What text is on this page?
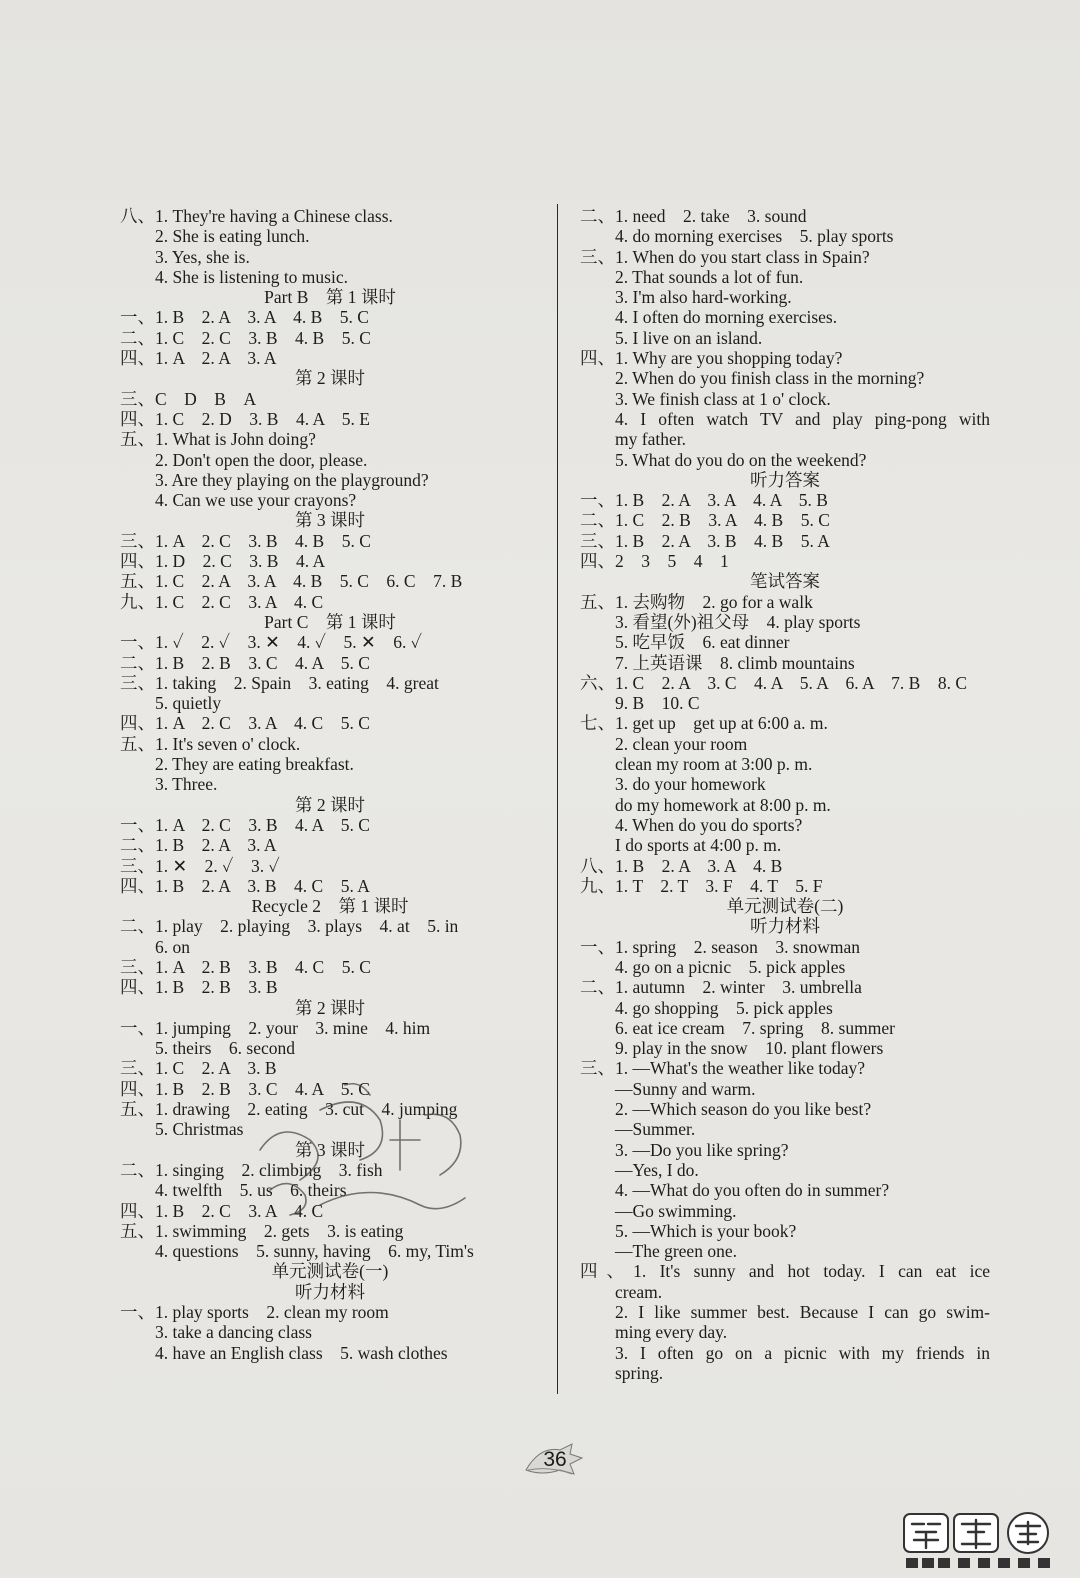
八、1. They're having a Chinese class.
2. She is eating lunch.
3. Yes, she is.
4. She is listening to music.
Part B　第 1 课时
一、1. B　2. A　3. A　4. B　5. C
二、1. C　2. C　3. B　4. B　5. C
四、1. A　2. A　3. A
第 2 课时
三、C　D　B　A
四、1. C　2. D　3. B　4. A　5. E
五、1. What is John doing?
2. Don't open the door, please.
3. Are they playing on the playground?
4. Can we use your crayons?
第 3 课时
三、1. A　2. C　3. B　4. B　5. C
四、1. D　2. C　3. B　4. A
五、1. C　2. A　3. A　4. B　5. C　6. C　7. B
九、1. C　2. C　3. A　4. C
Part C　第 1 课时
一、1. ✓　2. ✓　3. ✕　4. ✓　5. ✕　6. ✓
二、1. B　2. B　3. C　4. A　5. C
三、1. taking　2. Spain　3. eating　4. great
5. quietly
四、1. A　2. C　3. A　4. C　5. C
五、1. It's seven o' clock.
2. They are eating breakfast.
3. Three.
第 2 课时
一、1. A　2. C　3. B　4. A　5. C
二、1. B　2. A　3. A
三、1. ✕　2. ✓　3. ✓
四、1. B　2. A　3. B　4. C　5. A
Recycle 2　第 1 课时
二、1. play　2. playing　3. plays　4. at　5. in
6. on
三、1. A　2. B　3. B　4. C　5. C
四、1. B　2. B　3. B
第 2 课时
一、1. jumping　2. your　3. mine　4. him
5. theirs　6. second
三、1. C　2. A　3. B
四、1. B　2. B　3. C　4. A　5. C
五、1. drawing　2. eating　3. cut　4. jumping
5. Christmas
第 3 课时
二、1. singing　2. climbing　3. fish
4. twelfth　5. us　6. theirs
四、1. B　2. C　3. A　4. C
五、1. swimming　2. gets　3. is eating
4. questions　5. sunny, having　6. my, Tim's
单元测试卷(一)
听力材料
一、1. play sports　2. clean my room
3. take a dancing class
4. have an English class　5. wash clothes
二、1. need　2. take　3. sound
4. do morning exercises　5. play sports
三、1. When do you start class in Spain?
2. That sounds a lot of fun.
3. I'm also hard-working.
4. I often do morning exercises.
5. I live on an island.
四、1. Why are you shopping today?
2. When do you finish class in the morning?
3. We finish class at 1 o' clock.
4. I often watch TV and play ping-pong with
my father.
5. What do you do on the weekend?
听力答案
一、1. B　2. A　3. A　4. A　5. B
二、1. C　2. B　3. A　4. B　5. C
三、1. B　2. A　3. B　4. B　5. A
四、2　3　5　4　1
笔试答案
五、1. 去购物　2. go for a walk
3. 看望(外)祖父母　4. play sports
5. 吃早饭　6. eat dinner
7. 上英语课　8. climb mountains
六、1. C　2. A　3. C　4. A　5. A　6. A　7. B　8. C
9. B　10. C
七、1. get up　get up at 6:00 a. m.
2. clean your room
clean my room at 3:00 p. m.
3. do your homework
do my homework at 8:00 p. m.
4. When do you do sports?
I do sports at 4:00 p. m.
八、1. B　2. A　3. A　4. B
九、1. T　2. T　3. F　4. T　5. F
单元测试卷(二)
听力材料
一、1. spring　2. season　3. snowman
4. go on a picnic　5. pick apples
二、1. autumn　2. winter　3. umbrella
4. go shopping　5. pick apples
6. eat ice cream　7. spring　8. summer
9. play in the snow　10. plant flowers
三、1. —What's the weather like today?
—Sunny and warm.
2. —Which season do you like best?
—Summer.
3. —Do you like spring?
—Yes, I do.
4. —What do you often do in summer?
—Go swimming.
5. —Which is your book?
—The green one.
四、1. It's sunny and hot today. I can eat ice
cream.
2. I like summer best. Because I can go swim-
ming every day.
3. I often go on a picnic with my friends in
spring.
36
